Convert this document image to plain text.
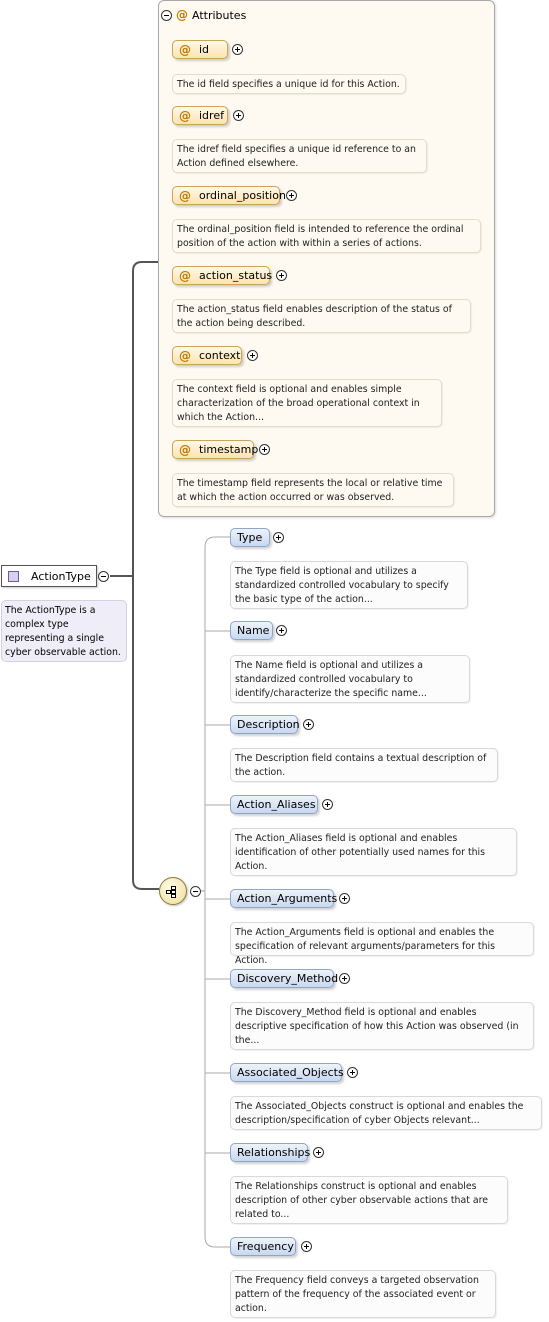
@ Attributes
@ id
The id field specifies a unique id for this Action.
@ idref
The idref field specifies a unique id reference to an
Action defined elsewhere.
@ ordinal_position
The ordinal_position field is intended to reference the ordinal
position of the action with within a series of actions.
@ action_status
The action_status field enables description of the status of
the action being described.
@ context
The context field is optional and enables simple
characterization of the broad operational context in
which the Action...
@ timestamp
The timestamp field represents the local or relative time
at which the action occurred or was observed.
ActionType
The ActionType is a
complex type
representing a single
cyber observable action.
Type
The Type field is optional and utilizes a
standardized controlled vocabulary to specify
the basic type of the action...
Name
The Name field is optional and utilizes a
standardized controlled vocabulary to
identify/characterize the specific name...
Description
The Description field contains a textual description of
the action.
Action_Aliases
The Action_Aliases field is optional and enables
identification of other potentially used names for this
Action.
Action_Arguments
The Action_Arguments field is optional and enables the
specification of relevant arguments/parameters for this Action.
Discovery_Method
The Discovery_Method field is optional and enables
descriptive specification of how this Action was observed (in
the...
Associated_Objects
The Associated_Objects construct is optional and enables the
description/specification of cyber Objects relevant...
Relationships
The Relationships construct is optional and enables
description of other cyber observable actions that are
related to...
Frequency
The Frequency field conveys a targeted observation
pattern of the frequency of the associated event or
action.
